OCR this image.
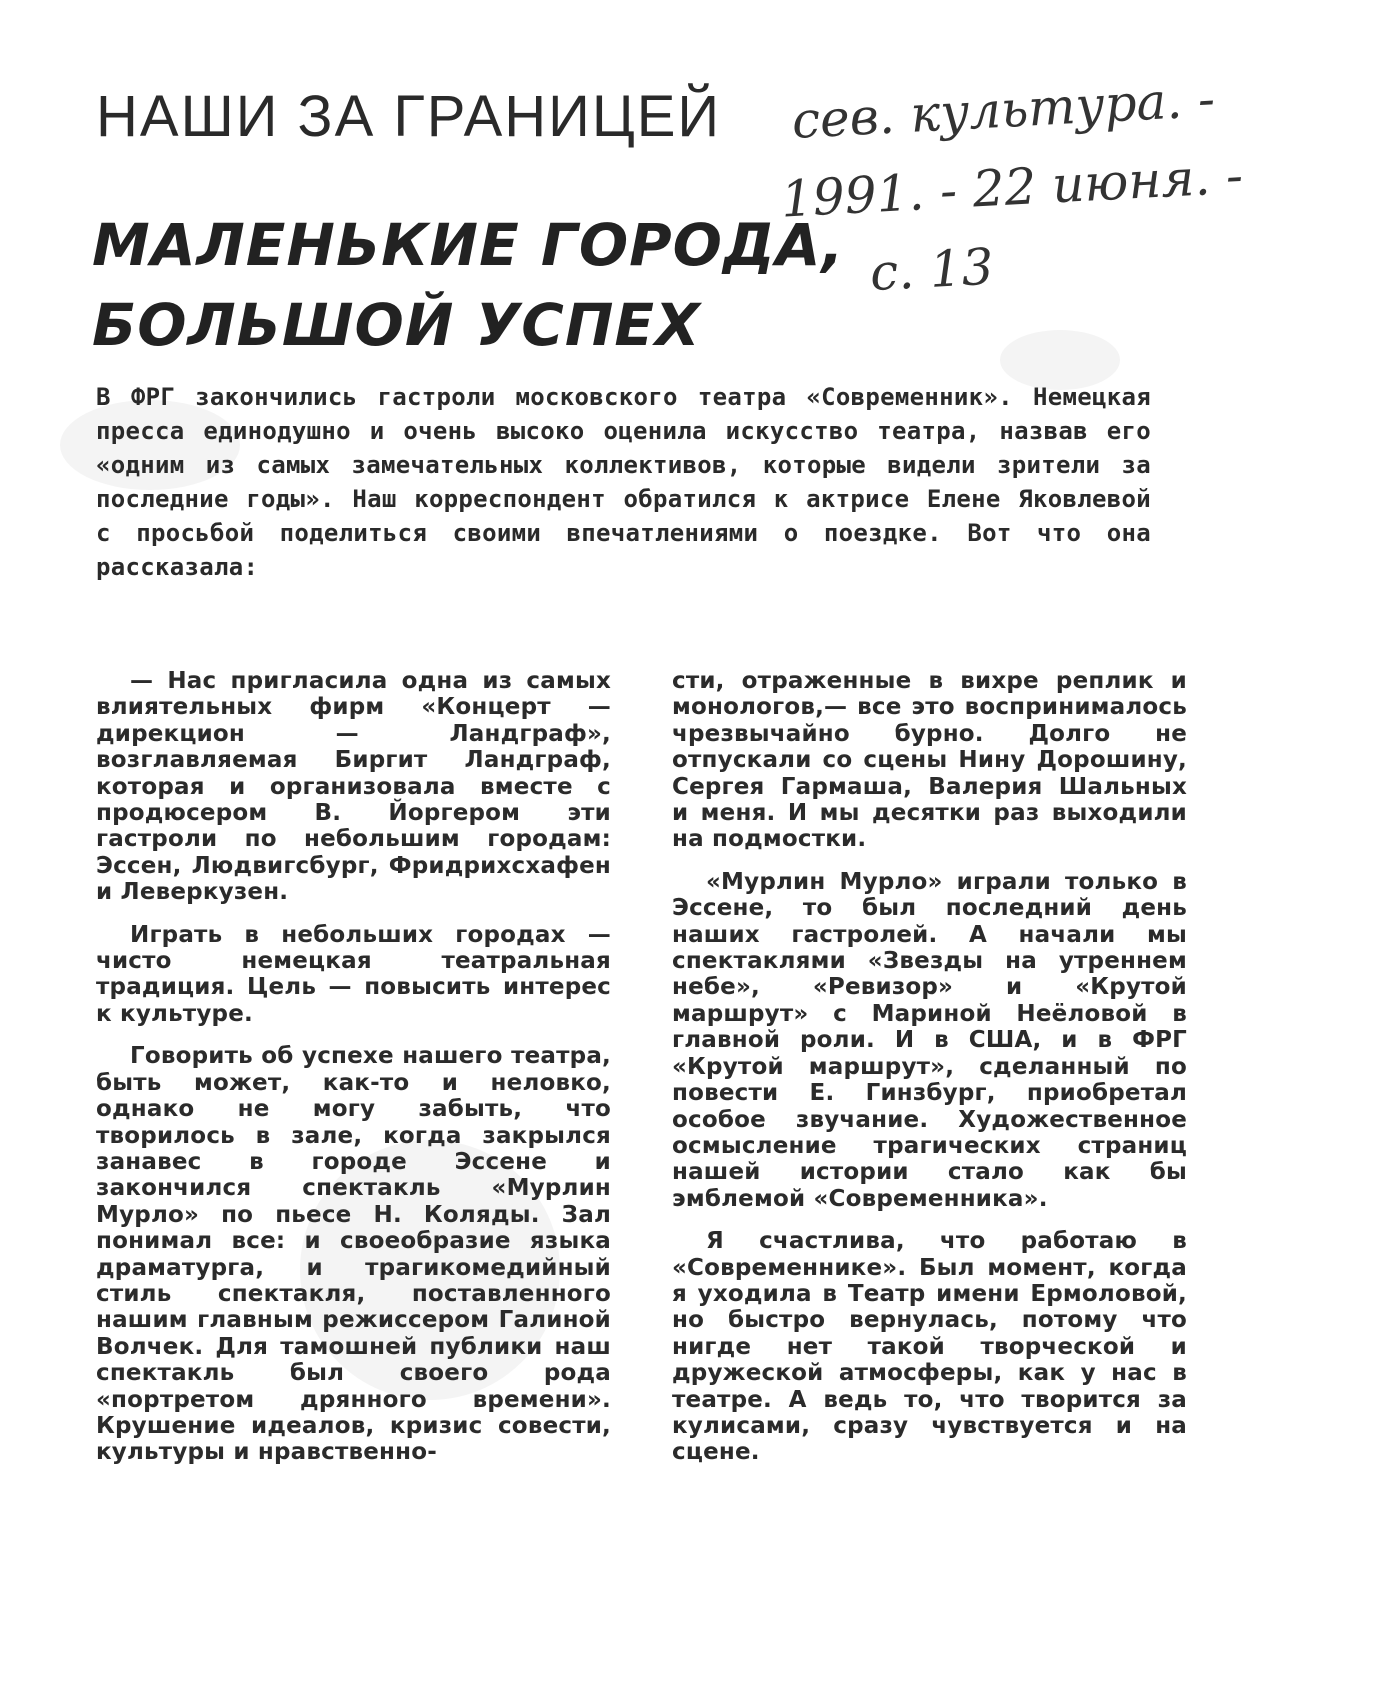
НАШИ ЗА ГРАНИЦЕЙ
МАЛЕНЬКИЕ ГОРОДА,
БОЛЬШОЙ УСПЕХ
сев. культура. -
1991. - 22 июня. -
с. 13
В ФРГ закончились гастроли московского театра «Современник». Немецкая пресса единодушно и очень высоко оценила искусство театра, назвав его «одним из самых замечательных коллективов, которые видели зрители за последние годы». Наш корреспондент обратился к актрисе Елене Яковлевой с просьбой поделиться своими впечатлениями о поездке. Вот что она рассказала:

— Нас пригласила одна из самых влиятельных фирм «Концерт — дирекцион — Ландграф», возглавляемая Биргит Ландграф, которая и организовала вместе с продюсером В. Йоргером эти гастроли по небольшим городам: Эссен, Людвигсбург, Фридрихсхафен и Леверкузен.

Играть в небольших городах — чисто немецкая театральная традиция. Цель — повысить интерес к культуре.

Говорить об успехе нашего театра, быть может, как-то и неловко, однако не могу забыть, что творилось в зале, когда закрылся занавес в городе Эссене и закончился спектакль «Мурлин Мурло» по пьесе Н. Коляды. Зал понимал все: и своеобразие языка драматурга, и трагикомедийный стиль спектакля, поставленного нашим главным режиссером Галиной Волчек. Для тамошней публики наш спектакль был своего рода «портретом дрянного времени». Крушение идеалов, кризис совести, культуры и нравственно-

сти, отраженные в вихре реплик и монологов,— все это воспринималось чрезвычайно бурно. Долго не отпускали со сцены Нину Дорошину, Сергея Гармаша, Валерия Шальных и меня. И мы десятки раз выходили на подмостки.

«Мурлин Мурло» играли только в Эссене, то был последний день наших гастролей. А начали мы спектаклями «Звезды на утреннем небе», «Ревизор» и «Крутой маршрут» с Мариной Неёловой в главной роли. И в США, и в ФРГ «Крутой маршрут», сделанный по повести Е. Гинзбург, приобретал особое звучание. Художественное осмысление трагических страниц нашей истории стало как бы эмблемой «Современника».

Я счастлива, что работаю в «Современнике». Был момент, когда я уходила в Театр имени Ермоловой, но быстро вернулась, потому что нигде нет такой творческой и дружеской атмосферы, как у нас в театре. А ведь то, что творится за кулисами, сразу чувствуется и на сцене.
